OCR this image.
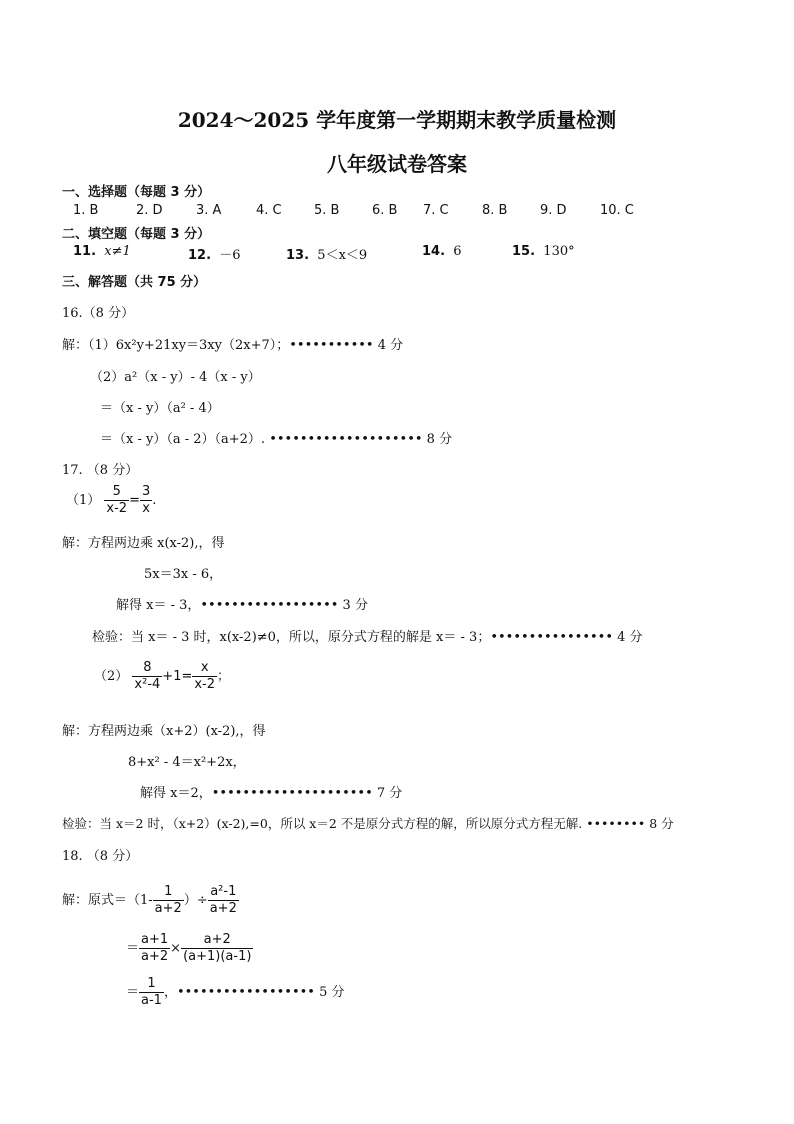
2024～2025 学年度第一学期期末教学质量检测
八年级试卷答案
一、选择题（每题 3 分）
1. B	2. D	3. A	4. C 5. B	6. B 7. C	8. B	9. D	10. C
二、填空题（每题 3 分）
11. x≠1	12. －6	13. 5＜x＜9	14. 6	15. 130°
三、解答题（共 75 分）
16.（8 分）
解：（1）6x²y+21xy＝3xy（2x+7）；••••••••••• 4 分
（2）a²（x - y）- 4（x - y）
＝（x - y）（a² - 4）
＝（x - y）（a - 2）（a+2）. •••••••••••••••••••• 8 分
17. （8 分）
$(1) \frac{5}{x-2} = \frac{3}{x}$ .
解：方程两边乘 x(x-2),，得
5x＝3x - 6，
解得 x＝ - 3，•••••••••••••••••• 3 分
检验：当 x＝ - 3 时，x(x-2)≠0，所以，原分式方程的解是 x＝ - 3；•••••••••••••••• 4 分
$(2) \frac{8}{\text{x²-4}} +1= \frac{x}{x-2}$ ；
解：方程两边乘（x+2）(x-2),，得
8+x² - 4＝x²+2x，
解得 x＝2，••••••••••••••••••••• 7 分
检验：当 x＝2 时，（x+2）(x-2),=0，所以 x＝2 不是原分式方程的解，所以原分式方程无解. •••••••• 8 分
18. （8 分）
解：原式$=(1- \frac{1}{a+2}$ ）÷ $\frac{\text{a²-1}}{a+2}$
＝ $\frac{a+1}{a+2} \times \frac{a+2}{(a+1)(a-1)}$
＝ $\frac{1}{a-1}$ ，•••••••••••••••••• 5 分
